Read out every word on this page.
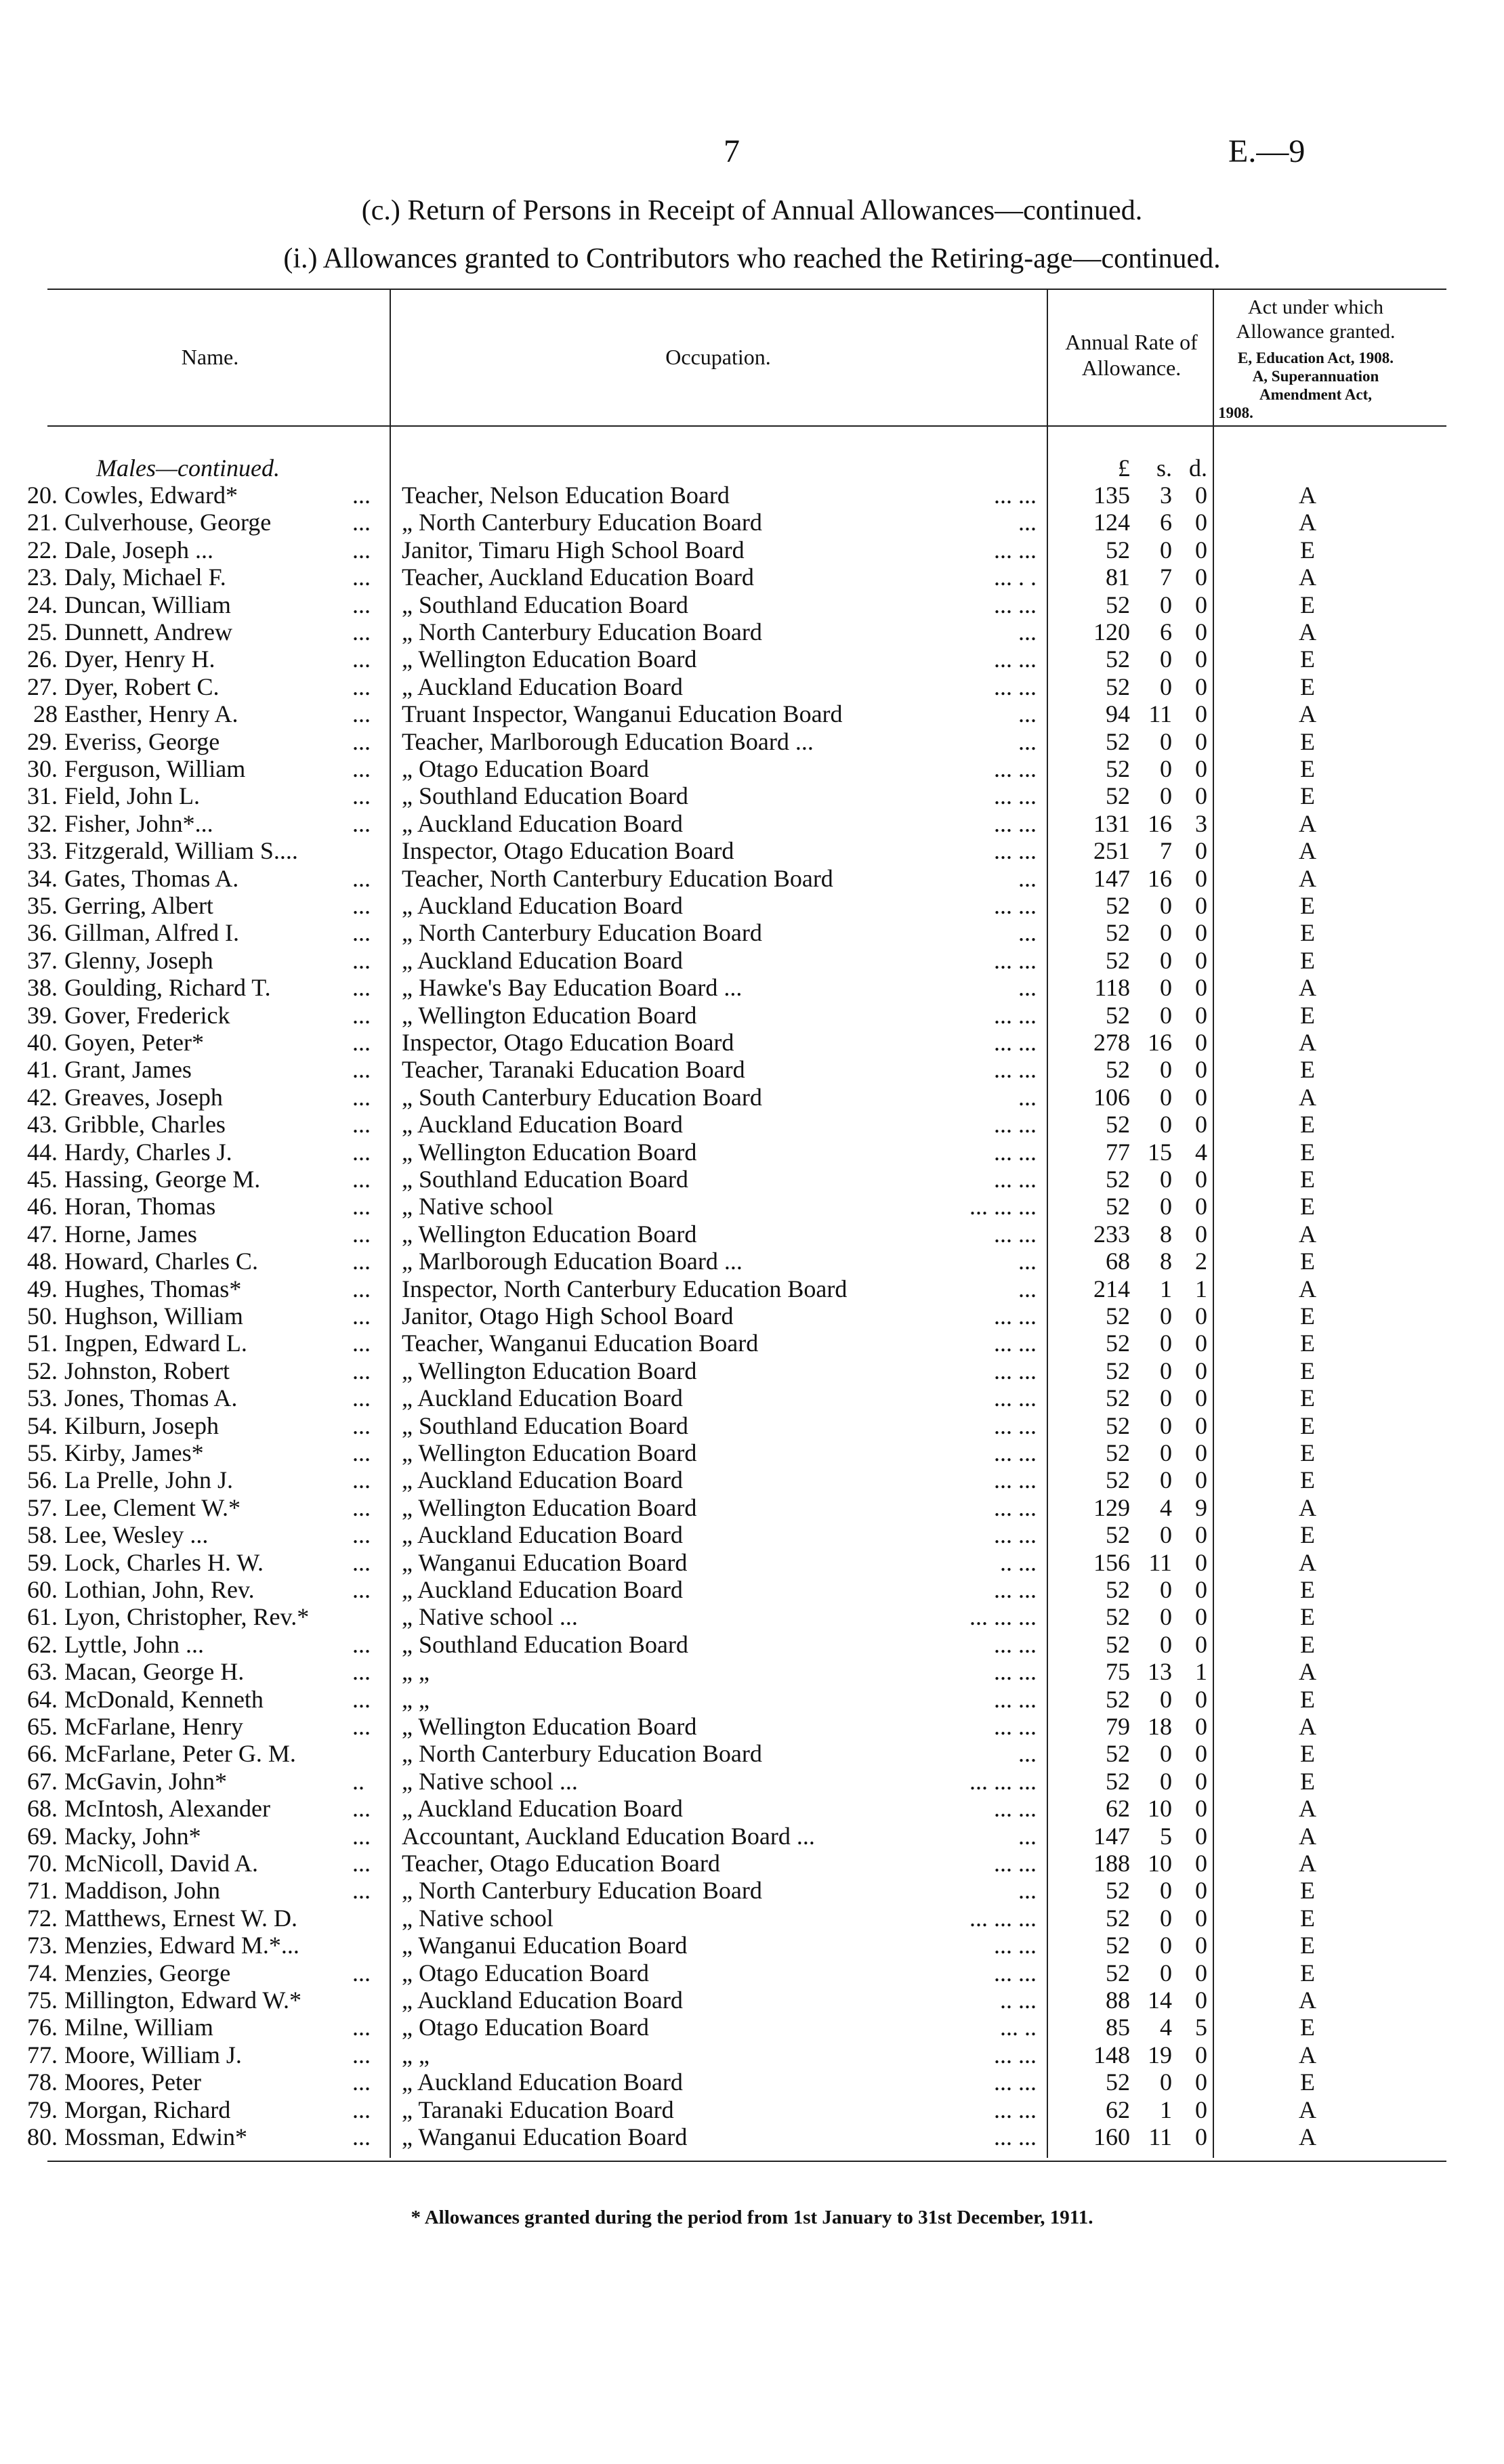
7	E.—9
(c.) Return of Persons in Receipt of Annual Allowances—continued.
(i.) Allowances granted to Contributors who reached the Retiring-age—continued.
Name.	Occupation.
Annual Rate of
Allowance.
Act under which
Allowance granted.
E, Education Act, 1908.
A, Superannuation
Amendment Act,
1908.
Males—continued.	£	s. d.
20. Cowles, Edward*	... Teacher, Nelson Education Board	... ...	135	3 0	A
21. Culverhouse, George	... „ North Canterbury Education Board	...	124	6 0	A
22. Dale, Joseph ...	... Janitor, Timaru High School Board	... ...	52	0 0	E
23. Daly, Michael F.	... Teacher, Auckland Education Board	... . .	81	7 0	A
24. Duncan, William	... „ Southland Education Board	... ...	52	0 0	E
25. Dunnett, Andrew	... „ North Canterbury Education Board	...	120	6 0	A
26. Dyer, Henry H.	... „ Wellington Education Board	... ...	52	0 0	E
27. Dyer, Robert C.	... „ Auckland Education Board	... ...	52	0 0	E
28 Easther, Henry A.	... Truant Inspector, Wanganui Education Board	...	94 11 0	A
29. Everiss, George	... Teacher, Marlborough Education Board ...	...	52	0 0	E
30. Ferguson, William	... „ Otago Education Board	... ...	52	0 0	E
31. Field, John L.	... „ Southland Education Board	... ...	52	0 0	E
32. Fisher, John*...	... „ Auckland Education Board	... ...	131 16 3	A
33. Fitzgerald, William S....	Inspector, Otago Education Board	... ...	251	7 0	A
34. Gates, Thomas A.	... Teacher, North Canterbury Education Board	...	147 16 0	A
35. Gerring, Albert	... „ Auckland Education Board	... ...	52	0 0	E
36. Gillman, Alfred I.	... „ North Canterbury Education Board	...	52	0 0	E
37. Glenny, Joseph	... „ Auckland Education Board	... ...	52	0 0	E
38. Goulding, Richard T.	... „ Hawke's Bay Education Board ...	...	118	0 0	A
39. Gover, Frederick	... „ Wellington Education Board	... ...	52	0 0	E
40. Goyen, Peter*	... Inspector, Otago Education Board	... ...	278 16 0	A
41. Grant, James	... Teacher, Taranaki Education Board	... ...	52	0 0	E
42. Greaves, Joseph	... „ South Canterbury Education Board	...	106	0 0	A
43. Gribble, Charles	... „ Auckland Education Board	... ...	52	0 0	E
44. Hardy, Charles J.	... „ Wellington Education Board	... ...	77 15 4	E
45. Hassing, George M.	... „ Southland Education Board	... ...	52	0 0	E
46. Horan, Thomas	... „ Native school	... ... ...	52	0 0	E
47. Horne, James	... „ Wellington Education Board	... ...	233	8 0	A
48. Howard, Charles C.	... „ Marlborough Education Board ...	...	68	8 2	E
49. Hughes, Thomas*	... Inspector, North Canterbury Education Board	...	214	1 1	A
50. Hughson, William	... Janitor, Otago High School Board	... ...	52	0 0	E
51. Ingpen, Edward L.	... Teacher, Wanganui Education Board	... ...	52	0 0	E
52. Johnston, Robert	... „ Wellington Education Board	... ...	52	0 0	E
53. Jones, Thomas A.	... „ Auckland Education Board	... ...	52	0 0	E
54. Kilburn, Joseph	... „ Southland Education Board	... ...	52	0 0	E
55. Kirby, James*	... „ Wellington Education Board	... ...	52	0 0	E
56. La Prelle, John J.	... „ Auckland Education Board	... ...	52	0 0	E
57. Lee, Clement W.*	... „ Wellington Education Board	... ...	129	4 9	A
58. Lee, Wesley ...	... „ Auckland Education Board	... ...	52	0 0	E
59. Lock, Charles H. W.	... „ Wanganui Education Board	.. ...	156 11 0	A
60. Lothian, John, Rev.	... „ Auckland Education Board	... ...	52	0 0	E
61. Lyon, Christopher, Rev.*	„ Native school ...	... ... ...	52	0 0	E
62. Lyttle, John ...	... „ Southland Education Board	... ...	52	0 0	E
63. Macan, George H.	... „ „	... ...	75 13 1	A
64. McDonald, Kenneth	... „ „	... ...	52	0 0	E
65. McFarlane, Henry	... „ Wellington Education Board	... ...	79 18 0	A
66. McFarlane, Peter G. M.	„ North Canterbury Education Board	...	52	0 0	E
67. McGavin, John*	.. „ Native school ...	... ... ...	52	0 0	E
68. McIntosh, Alexander	... „ Auckland Education Board	... ...	62 10 0	A
69. Macky, John*	... Accountant, Auckland Education Board ...	...	147	5 0	A
70. McNicoll, David A.	... Teacher, Otago Education Board	... ...	188 10 0	A
71. Maddison, John	... „ North Canterbury Education Board	...	52	0 0	E
72. Matthews, Ernest W. D.	„ Native school	... ... ...	52	0 0	E
73. Menzies, Edward M.*...	„ Wanganui Education Board	... ...	52	0 0	E
74. Menzies, George	... „ Otago Education Board	... ...	52	0 0	E
75. Millington, Edward W.*	„ Auckland Education Board	.. ...	88 14 0	A
76. Milne, William	... „ Otago Education Board	... ..	85	4 5	E
77. Moore, William J.	... „ „	... ...	148 19 0	A
78. Moores, Peter	... „ Auckland Education Board	... ...	52	0 0	E
79. Morgan, Richard	... „ Taranaki Education Board	... ...	62	1 0	A
80. Mossman, Edwin*	... „ Wanganui Education Board	... ...	160 11 0	A
* Allowances granted during the period from 1st January to 31st December, 1911.
